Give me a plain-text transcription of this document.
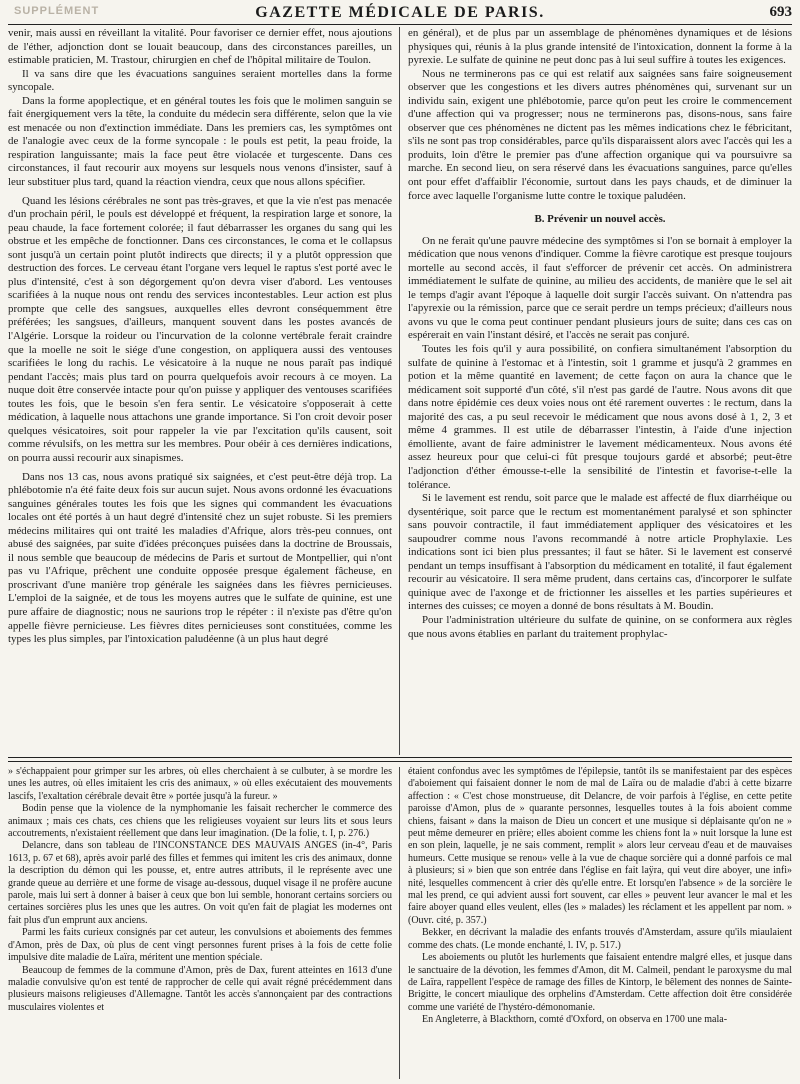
SUPPLÉMENT	GAZETTE MÉDICALE DE PARIS.	693

venir, mais aussi en réveillant la vitalité. Pour favoriser ce dernier effet, nous ajoutions de l'éther, adjonction dont se louait beaucoup, dans des circonstances pareilles, un estimable praticien, M. Trastour, chirurgien en chef de l'hôpital militaire de Toulon.

Il va sans dire que les évacuations sanguines seraient mortelles dans la forme syncopale.

Dans la forme apoplectique, et en général toutes les fois que le molimen sanguin se fait énergiquement vers la tête, la conduite du médecin sera différente, selon que la vie est menacée ou non d'extinction immédiate. Dans les premiers cas, les symptômes ont de l'analogie avec ceux de la forme syncopale : le pouls est petit, la peau froide, la respiration languissante; mais la face peut être violacée et turgescente. Dans ces circonstances, il faut recourir aux moyens sur lesquels nous venons d'insister, sauf à leur substituer plus tard, quand la réaction viendra, ceux que nous allons spécifier.

Quand les lésions cérébrales ne sont pas très-graves, et que la vie n'est pas menacée d'un prochain péril, le pouls est développé et fréquent, la respiration large et sonore, la peau chaude, la face fortement colorée; il faut débarrasser les organes du sang qui les obstrue et les empêche de fonctionner. Dans ces circonstances, le coma et le collapsus sont jusqu'à un certain point plutôt indirects que directs; il y a plutôt oppression que destruction des forces. Le cerveau étant l'organe vers lequel le raptus s'est porté avec le plus d'intensité, c'est à son dégorgement qu'on devra viser d'abord. Les ventouses scarifiées à la nuque nous ont rendu des services incontestables. Leur action est plus prompte que celle des sangsues, auxquelles elles devront conséquemment être préférées; les sangsues, d'ailleurs, manquent souvent dans les postes avancés de l'Algérie. Lorsque la roideur ou l'incurvation de la colonne vertébrale ferait craindre que la moelle ne soit le siége d'une congestion, on appliquera aussi des ventouses scarifiées le long du rachis. Le vésicatoire à la nuque ne nous paraît pas indiqué pendant l'accès; mais plus tard on pourra quelquefois avoir recours à ce moyen. La nuque doit être conservée intacte pour qu'on puisse y appliquer des ventouses scarifiées toutes les fois, que le besoin s'en fera sentir. Le vésicatoire s'opposerait à cette médication, à laquelle nous attachons une grande importance. Si l'on croit devoir poser quelques vésicatoires, soit pour rappeler la vie par l'excitation qu'ils causent, soit comme révulsifs, on les mettra sur les membres. Pour obéir à ces dernières indications, on pourra aussi recourir aux sinapismes.

Dans nos 13 cas, nous avons pratiqué six saignées, et c'est peut-être déjà trop. La phlébotomie n'a été faite deux fois sur aucun sujet. Nous avons ordonné les évacuations sanguines générales toutes les fois que les signes qui commandent les évacuations locales ont été portés à un haut degré d'intensité chez un sujet robuste. Si les premiers médecins militaires qui ont traité les maladies d'Afrique, alors très-peu connues, ont abusé des saignées, par suite d'idées préconçues puisées dans la doctrine de Broussais, il nous semble que beaucoup de médecins de Paris et surtout de Montpellier, qui n'ont pas vu l'Afrique, prêchent une conduite opposée presque également fâcheuse, en proscrivant d'une manière trop générale les saignées dans les fièvres pernicieuses. L'emploi de la saignée, et de tous les moyens autres que le sulfate de quinine, est une pure affaire de diagnostic; nous ne saurions trop le répéter : il n'existe pas d'être qu'on appelle fièvre pernicieuse. Les fièvres dites pernicieuses sont constituées, comme les types les plus simples, par l'intoxication paludéenne (à un plus haut degré

en général), et de plus par un assemblage de phénomènes dynamiques et de lésions physiques qui, réunis à la plus grande intensité de l'intoxication, donnent la forme à la pyrexie. Le sulfate de quinine ne peut donc pas à lui seul suffire à toutes les exigences.

Nous ne terminerons pas ce qui est relatif aux saignées sans faire soigneusement observer que les congestions et les divers autres phénomènes qui, survenant sur un individu sain, exigent une phlébotomie, parce qu'on peut les croire le commencement d'une affection qui va progresser; nous ne terminerons pas, disons-nous, sans faire observer que ces phénomènes ne dictent pas les mêmes indications chez le fébricitant, s'ils ne sont pas trop considérables, parce qu'ils disparaissent alors avec l'accès qui les a produits, loin d'être le premier pas d'une affection organique qui va poursuivre sa marche. En second lieu, on sera réservé dans les évacuations sanguines, parce qu'elles ont pour effet d'affaiblir l'économie, surtout dans les pays chauds, et de diminuer la force avec laquelle l'organisme lutte contre le toxique paludéen.

B. Prévenir un nouvel accès.

On ne ferait qu'une pauvre médecine des symptômes si l'on se bornait à employer la médication que nous venons d'indiquer. Comme la fièvre carotique est presque toujours mortelle au second accès, il faut s'efforcer de prévenir cet accès. On administrera immédiatement le sulfate de quinine, au milieu des accidents, de manière que le sel ait le temps d'agir avant l'époque à laquelle doit surgir l'accès suivant. On n'attendra pas l'apyrexie ou la rémission, parce que ce serait perdre un temps précieux; d'ailleurs nous avons vu que le coma peut continuer pendant plusieurs jours de suite; dans ces cas on espérerait en vain l'instant désiré, et l'accès ne serait pas conjuré.

Toutes les fois qu'il y aura possibilité, on confiera simultanément l'absorption du sulfate de quinine à l'estomac et à l'intestin, soit 1 gramme et jusqu'à 2 grammes en potion et la même quantité en lavement; de cette façon on aura la chance que le médicament soit supporté d'un côté, s'il n'est pas gardé de l'autre. Nous avons dit que dans notre épidémie ces deux voies nous ont été rarement ouvertes : le rectum, dans la majorité des cas, a pu seul recevoir le médicament que nous avons dosé à 1, 2, 3 et même 4 grammes. Il est utile de débarrasser l'intestin, à l'aide d'une injection émolliente, avant de faire administrer le lavement médicamenteux. Nous avons été assez heureux pour que celui-ci fût presque toujours gardé et absorbé; peut-être l'adjonction d'éther émousse-t-elle la sensibilité de l'intestin et favorise-t-elle la tolérance.

Si le lavement est rendu, soit parce que le malade est affecté de flux diarrhéique ou dysentérique, soit parce que le rectum est momentanément paralysé et son sphincter sans pouvoir contractile, il faut immédiatement appliquer des vésicatoires et les saupoudrer comme nous l'avons recommandé à notre article Prophylaxie. Les indications sont ici bien plus pressantes; il faut se hâter. Si le lavement est conservé pendant un temps insuffisant à l'absorption du médicament en totalité, il faut également recourir au vésicatoire. Il sera même prudent, dans certains cas, d'incorporer le sulfate quinique avec de l'axonge et de frictionner les aisselles et les parties supérieures et internes des cuisses; ce moyen a donné de bons résultats à M. Boudin.

Pour l'administration ultérieure du sulfate de quinine, on se conformera aux règles que nous avons établies en parlant du traitement prophylac-

» s'échappaient pour grimper sur les arbres, où elles cherchaient à se culbuter, à se mordre les unes les autres, où elles imitaient les cris des animaux, » où elles exécutaient des mouvements lascifs, l'exaltation cérébrale devait être » portée jusqu'à la fureur. »

Bodin pense que la violence de la nymphomanie les faisait rechercher le commerce des animaux ; mais ces chats, ces chiens que les religieuses voyaient sur leurs lits et sous leurs accoutrements, n'existaient réellement que dans leur imagination. (De la folie, t. I, p. 276.)

Delancre, dans son tableau de l'INCONSTANCE DES MAUVAIS ANGES (in-4°, Paris 1613, p. 67 et 68), après avoir parlé des filles et femmes qui imitent les cris des animaux, donne la description du démon qui les pousse, et, entre autres attributs, il le représente avec une grande queue au derrière et une forme de visage au-dessous, duquel visage il ne profère aucune parole, mais lui sert à donner à baiser à ceux que bon lui semble, honorant certains sorciers ou certaines sorcières plus les unes que les autres. On voit qu'en fait de plagiat les modernes ont fait plus d'un emprunt aux anciens.

Parmi les faits curieux consignés par cet auteur, les convulsions et aboiements des femmes d'Amon, près de Dax, où plus de cent vingt personnes furent prises à la fois de cette folie impulsive dite maladie de Laïra, méritent une mention spéciale.

Beaucoup de femmes de la commune d'Amon, près de Dax, furent atteintes en 1613 d'une maladie convulsive qu'on est tenté de rapprocher de celle qui avait régné précédemment dans plusieurs maisons religieuses d'Allemagne. Tantôt les accès s'annonçaient par des contractions musculaires violentes et

étaient confondus avec les symptômes de l'épilepsie, tantôt ils se manifestaient par des espèces d'aboiement qui faisaient donner le nom de mal de Laïra ou de maladie d'ab:i à cette bizarre affection : « C'est chose monstrueuse, dit Delancre, de voir parfois à l'église, en cette petite paroisse d'Amon, plus de » quarante personnes, lesquelles toutes à la fois aboient comme chiens, faisant » dans la maison de Dieu un concert et une musique si déplaisante qu'on ne » peut même demeurer en prière; elles aboient comme les chiens font la » nuit lorsque la lune est en son plein, laquelle, je ne sais comment, remplit » alors leur cerveau d'eau et de mauvaises humeurs. Cette musique se renou» velle à la vue de chaque sorcière qui a donné parfois ce mal à plusieurs; si » bien que son entrée dans l'église en fait laÿra, qui veut dire aboyer, une infi» nité, lesquelles commencent à crier dès qu'elle entre. Et lorsqu'en l'absence » de la sorcière le mal les prend, ce qui advient aussi fort souvent, car elles » peuvent leur avancer le mal et les faire aboyer quand elles veulent, elles (les » malades) les réclament et les appellent par nom. » (Ouvr. cité, p. 357.)

Bekker, en décrivant la maladie des enfants trouvés d'Amsterdam, assure qu'ils miaulaient comme des chats. (Le monde enchanté, l. IV, p. 517.)

Les aboiements ou plutôt les hurlements que faisaient entendre malgré elles, et jusque dans le sanctuaire de la dévotion, les femmes d'Amon, dit M. Calmeil, pendant le paroxysme du mal de Laïra, rappellent l'espèce de ramage des filles de Kintorp, le bêlement des nonnes de Sainte-Brigitte, le concert miaulique des orphelins d'Amsterdam. Cette affection doit être considérée comme une variété de l'hystéro-démonomanie.

En Angleterre, à Blackthorn, comté d'Oxford, on observa en 1700 une mala-
